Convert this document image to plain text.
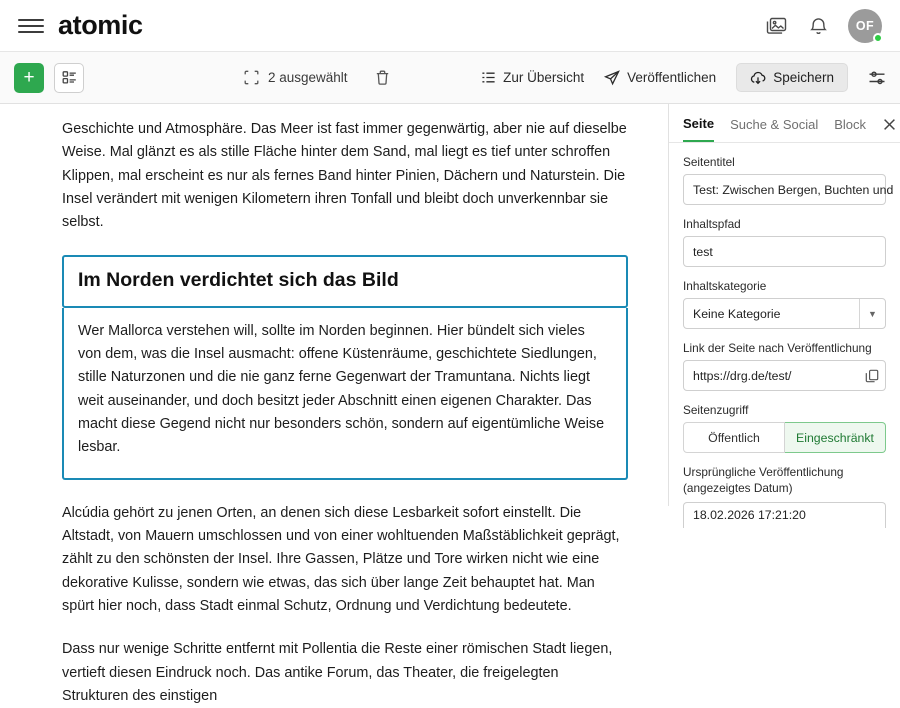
atomic	OF
+	2 ausgewählt	Zur Übersicht	Veröffentlichen	Speichern

Geschichte und Atmosphäre. Das Meer ist fast immer gegenwärtig, aber nie auf dieselbe Weise. Mal glänzt es als stille Fläche hinter dem Sand, mal liegt es tief unter schroffen Klippen, mal erscheint es nur als fernes Band hinter Pinien, Dächern und Naturstein. Die Insel verändert mit wenigen Kilometern ihren Tonfall und bleibt doch unverkennbar sie selbst.

Im Norden verdichtet sich das Bild

Wer Mallorca verstehen will, sollte im Norden beginnen. Hier bündelt sich vieles von dem, was die Insel ausmacht: offene Küstenräume, geschichtete Siedlungen, stille Naturzonen und die nie ganz ferne Gegenwart der Tramuntana. Nichts liegt weit auseinander, und doch besitzt jeder Abschnitt einen eigenen Charakter. Das macht diese Gegend nicht nur besonders schön, sondern auf eigentümliche Weise lesbar.

Alcúdia gehört zu jenen Orten, an denen sich diese Lesbarkeit sofort einstellt. Die Altstadt, von Mauern umschlossen und von einer wohltuenden Maßstäblichkeit geprägt, zählt zu den schönsten der Insel. Ihre Gassen, Plätze und Tore wirken nicht wie eine dekorative Kulisse, sondern wie etwas, das sich über lange Zeit behauptet hat. Man spürt hier noch, dass Stadt einmal Schutz, Ordnung und Verdichtung bedeutete.

Dass nur wenige Schritte entfernt mit Pollentia die Reste einer römischen Stadt liegen, vertieft diesen Eindruck noch. Das antike Forum, das Theater, die freigelegten Strukturen des einstigen

Seite Suche & Social Block
Seitentitel
Test: Zwischen Bergen, Buchten und
Inhaltspfad
test
Inhaltskategorie
Keine Kategorie	▼
Link der Seite nach Veröffentlichung
https://drg.de/test/
Seitenzugriff
Öffentlich	Eingeschränkt
Ursprüngliche Veröffentlichung (angezeigtes Datum)
18.02.2026 17:21:20
